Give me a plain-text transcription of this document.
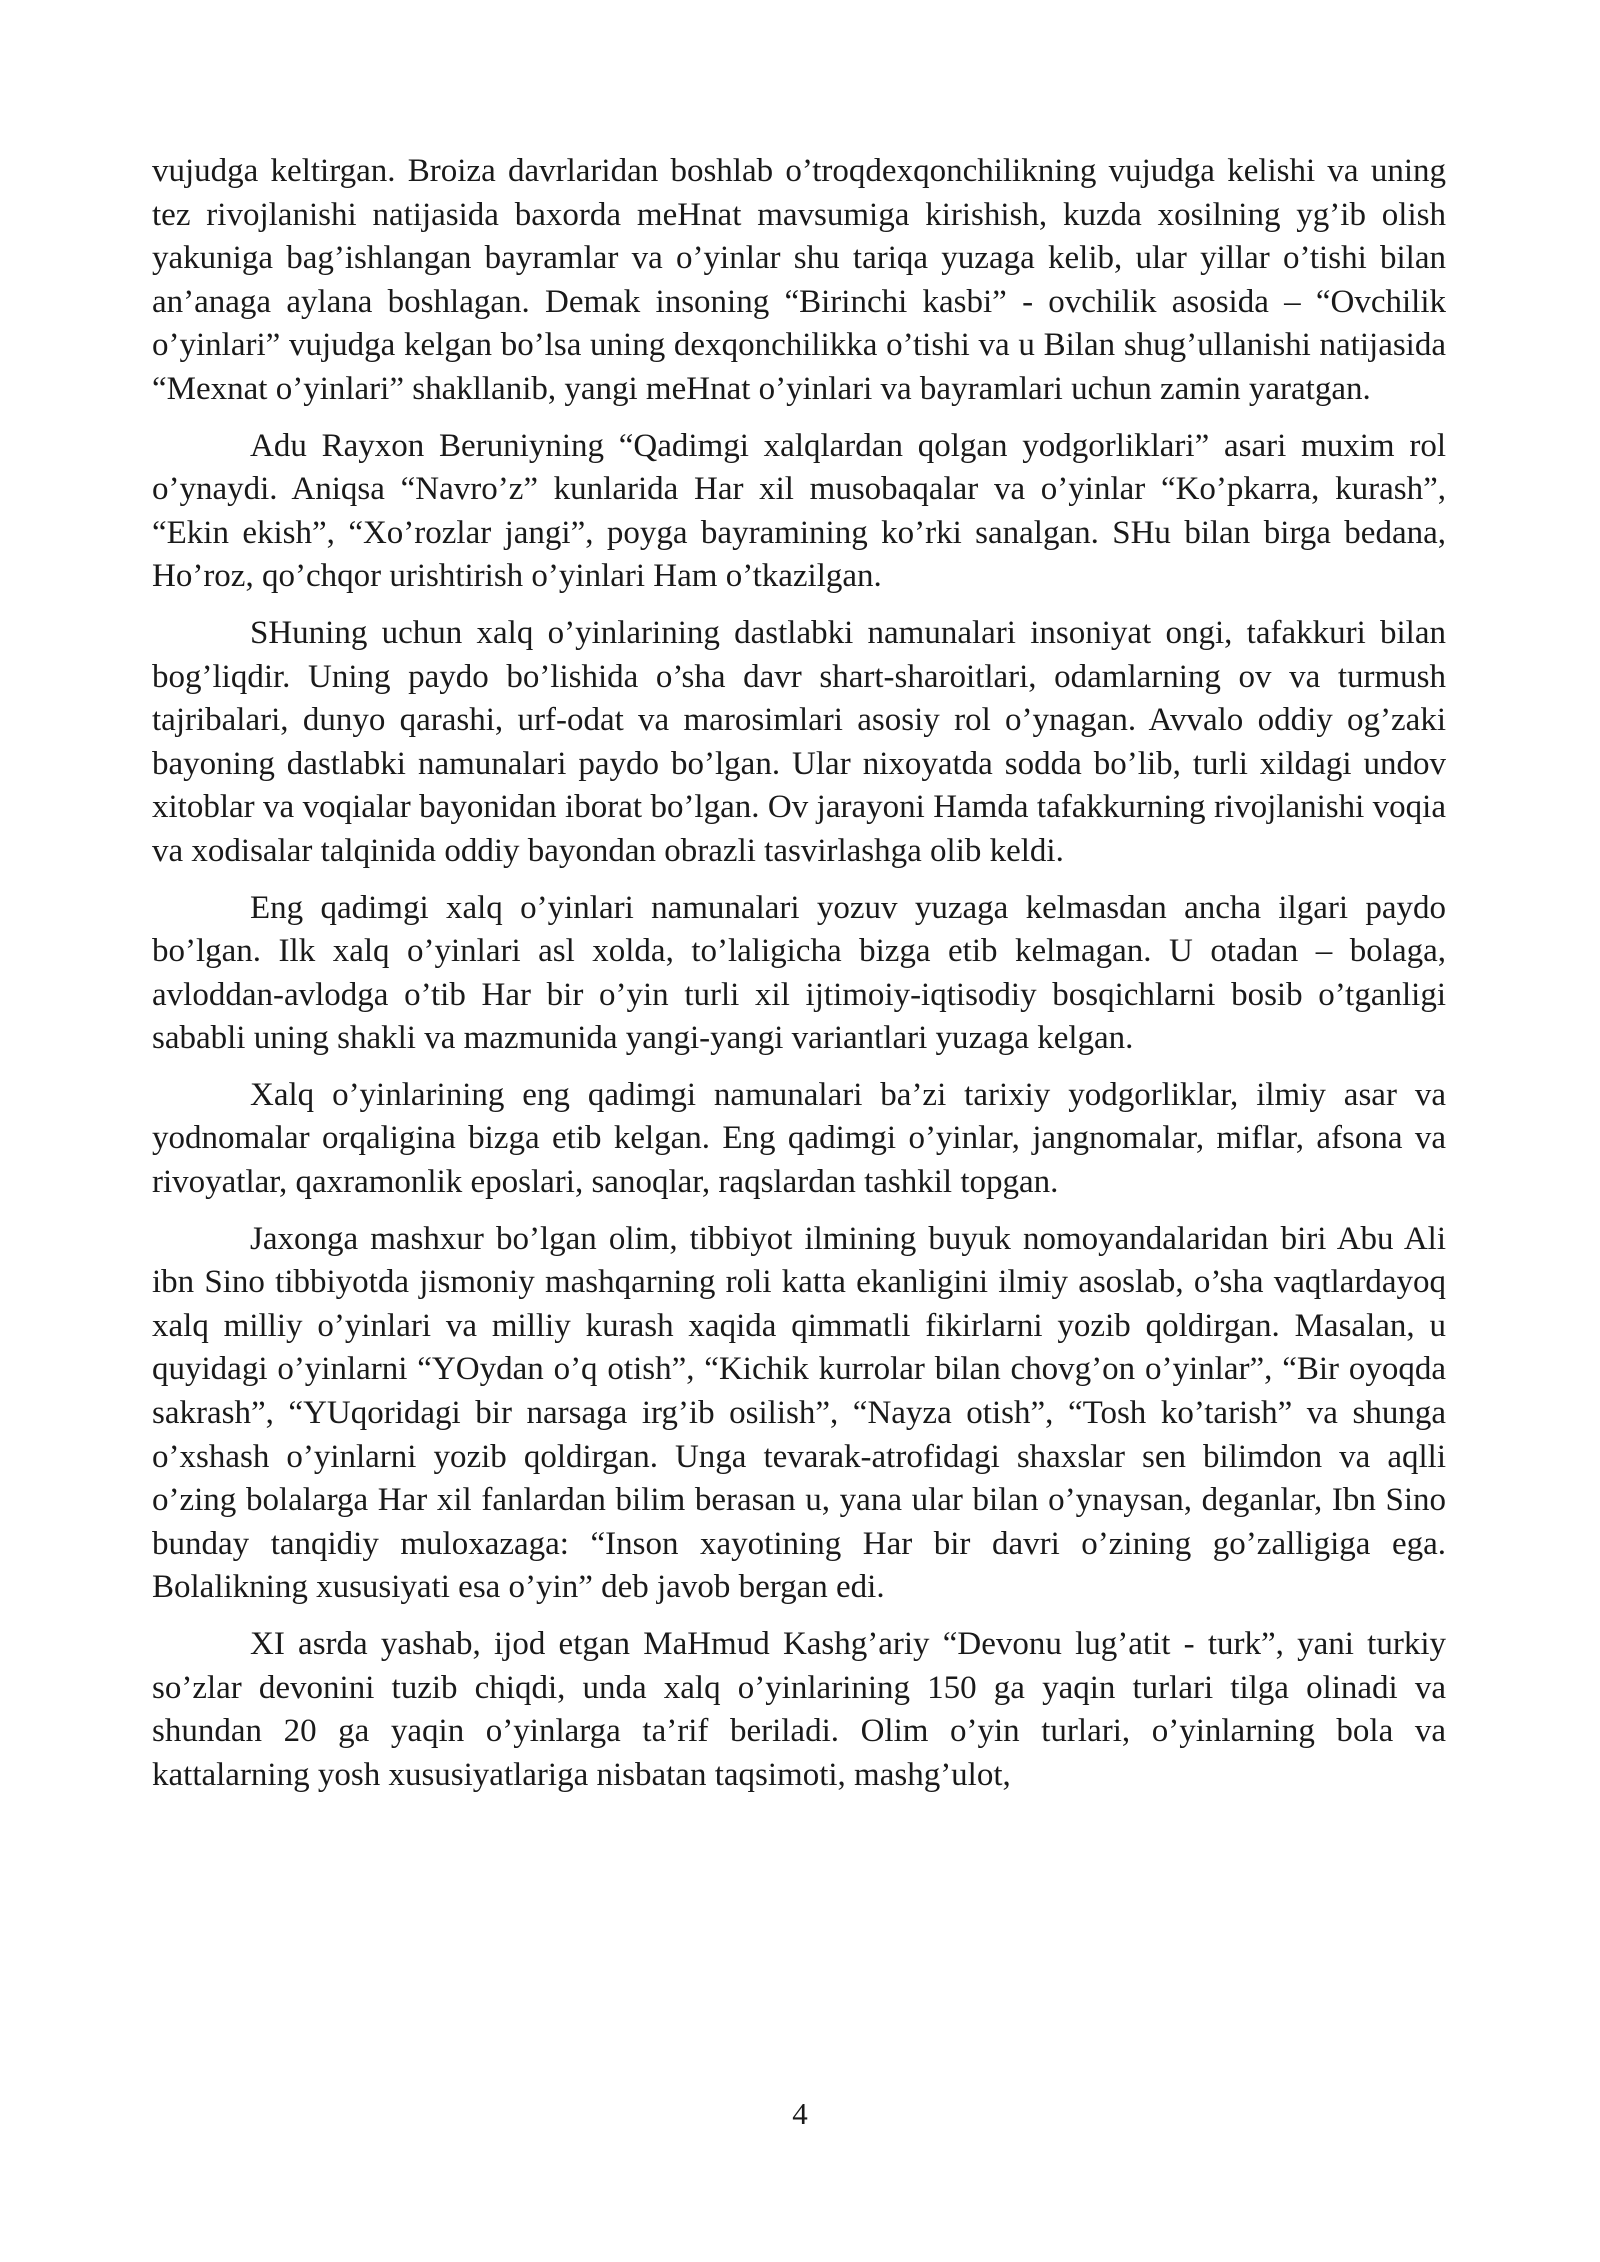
vujudga keltirgan. Broiza davrlaridan boshlab o’troqdexqonchilikning vujudga kelishi va uning tez rivojlanishi natijasida baxorda meHnat mavsumiga kirishish, kuzda xosilning yg’ib olish yakuniga bag’ishlangan bayramlar va o’yinlar shu tariqa yuzaga kelib, ular yillar o’tishi bilan an’anaga aylana boshlagan. Demak insoning “Birinchi kasbi” - ovchilik asosida – “Ovchilik o’yinlari” vujudga kelgan bo’lsa uning dexqonchilikka o’tishi va u Bilan shug’ullanishi natijasida “Mexnat o’yinlari” shakllanib, yangi meHnat o’yinlari va bayramlari uchun zamin yaratgan.

Adu Rayxon Beruniyning “Qadimgi xalqlardan qolgan yodgorliklari” asari muxim rol o’ynaydi. Aniqsa “Navro’z” kunlarida Har xil musobaqalar va o’yinlar “Ko’pkarra, kurash”, “Ekin ekish”, “Xo’rozlar jangi”, poyga bayramining ko’rki sanalgan. SHu bilan birga bedana, Ho’roz, qo’chqor urishtirish o’yinlari Ham o’tkazilgan.

SHuning uchun xalq o’yinlarining dastlabki namunalari insoniyat ongi, tafakkuri bilan bog’liqdir. Uning paydo bo’lishida o’sha davr shart-sharoitlari, odamlarning ov va turmush tajribalari, dunyo qarashi, urf-odat va marosimlari asosiy rol o’ynagan. Avvalo oddiy og’zaki bayoning dastlabki namunalari paydo bo’lgan. Ular nixoyatda sodda bo’lib, turli xildagi undov xitoblar va voqialar bayonidan iborat bo’lgan. Ov jarayoni Hamda tafakkurning rivojlanishi voqia va xodisalar talqinida oddiy bayondan obrazli tasvirlashga olib keldi.

Eng qadimgi xalq o’yinlari namunalari yozuv yuzaga kelmasdan ancha ilgari paydo bo’lgan. Ilk xalq o’yinlari asl xolda, to’laligicha bizga etib kelmagan. U otadan – bolaga, avloddan-avlodga o’tib Har bir o’yin turli xil ijtimoiy-iqtisodiy bosqichlarni bosib o’tganligi sababli uning shakli va mazmunida yangi-yangi variantlari yuzaga kelgan.

Xalq o’yinlarining eng qadimgi namunalari ba’zi tarixiy yodgorliklar, ilmiy asar va yodnomalar orqaligina bizga etib kelgan. Eng qadimgi o’yinlar, jangnomalar, miflar, afsona va rivoyatlar, qaxramonlik eposlari, sanoqlar, raqslardan tashkil topgan.

Jaxonga mashxur bo’lgan olim, tibbiyot ilmining buyuk nomoyandalaridan biri Abu Ali ibn Sino tibbiyotda jismoniy mashqarning roli katta ekanligini ilmiy asoslab, o’sha vaqtlardayoq xalq milliy o’yinlari va milliy kurash xaqida qimmatli fikirlarni yozib qoldirgan. Masalan, u quyidagi o’yinlarni “YOydan o’q otish”, “Kichik kurrolar bilan chovg’on o’yinlar”, “Bir oyoqda sakrash”, “YUqoridagi bir narsaga irg’ib osilish”, “Nayza otish”, “Tosh ko’tarish” va shunga o’xshash o’yinlarni yozib qoldirgan. Unga tevarak-atrofidagi shaxslar sen bilimdon va aqlli o’zing bolalarga Har xil fanlardan bilim berasan u, yana ular bilan o’ynaysan, deganlar, Ibn Sino bunday tanqidiy muloxazaga: “Inson xayotining Har bir davri o’zining go’zalligiga ega. Bolalikning xususiyati esa o’yin” deb javob bergan edi.

XI asrda yashab, ijod etgan MaHmud Kashg’ariy “Devonu lug’atit - turk”, yani turkiy so’zlar devonini tuzib chiqdi, unda xalq o’yinlarining 150 ga yaqin turlari tilga olinadi va shundan 20 ga yaqin o’yinlarga ta’rif beriladi. Olim o’yin turlari, o’yinlarning bola va kattalarning yosh xususiyatlariga nisbatan taqsimoti, mashg’ulot,

4
